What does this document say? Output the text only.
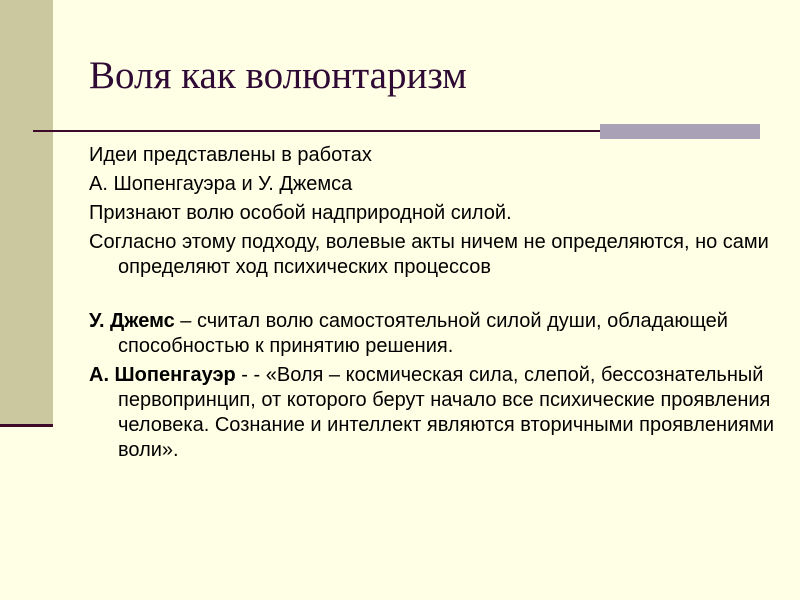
Воля как волюнтаризм

Идеи представлены в работах

А. Шопенгауэра и У. Джемса

Признают волю особой надприродной силой.

Согласно этому подходу, волевые акты ничем не определяются, но сами определяют ход психических процессов

У. Джемс – считал волю самостоятельной силой души, обладающей способностью к принятию решения.

А. Шопенгауэр - - «Воля – космическая сила, слепой, бессознательный первопринцип, от которого берут начало все психические проявления человека. Сознание и интеллект являются вторичными проявлениями воли».
